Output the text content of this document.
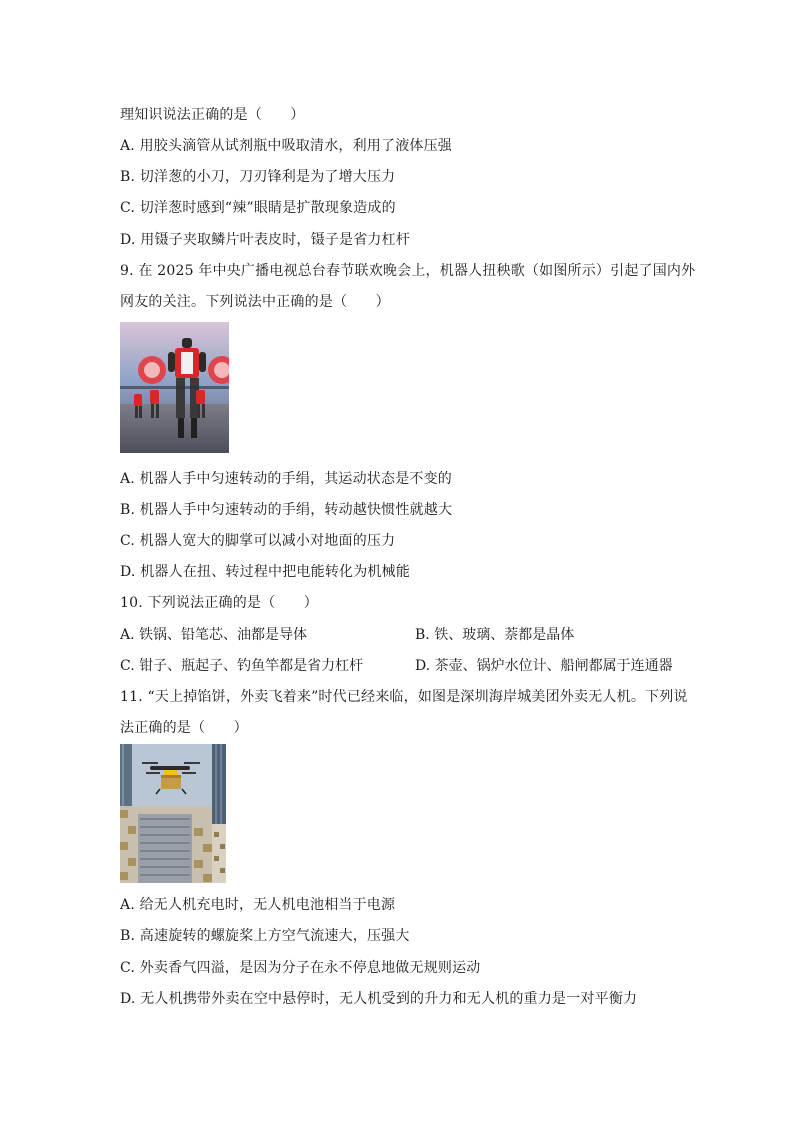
理知识说法正确的是（　　）
A. 用胶头滴管从试剂瓶中吸取清水，利用了液体压强
B. 切洋葱的小刀，刀刃锋利是为了增大压力
C. 切洋葱时感到“辣”眼睛是扩散现象造成的
D. 用镊子夹取鳞片叶表皮时，镊子是省力杠杆
9. 在 2025 年中央广播电视总台春节联欢晚会上，机器人扭秧歌（如图所示）引起了国内外
网友的关注。下列说法中正确的是（　　）
A. 机器人手中匀速转动的手绢，其运动状态是不变的
B. 机器人手中匀速转动的手绢，转动越快惯性就越大
C. 机器人宽大的脚掌可以减小对地面的压力
D. 机器人在扭、转过程中把电能转化为机械能
10. 下列说法正确的是（　　）
A. 铁锅、铅笔芯、油都是导体	B. 铁、玻璃、萘都是晶体
C. 钳子、瓶起子、钓鱼竿都是省力杠杆	D. 茶壶、锅炉水位计、船闸都属于连通器
11. “天上掉馅饼，外卖飞着来”时代已经来临，如图是深圳海岸城美团外卖无人机。下列说
法正确的是（　　）
A. 给无人机充电时，无人机电池相当于电源
B. 高速旋转的螺旋桨上方空气流速大，压强大
C. 外卖香气四溢，是因为分子在永不停息地做无规则运动
D. 无人机携带外卖在空中悬停时，无人机受到的升力和无人机的重力是一对平衡力
